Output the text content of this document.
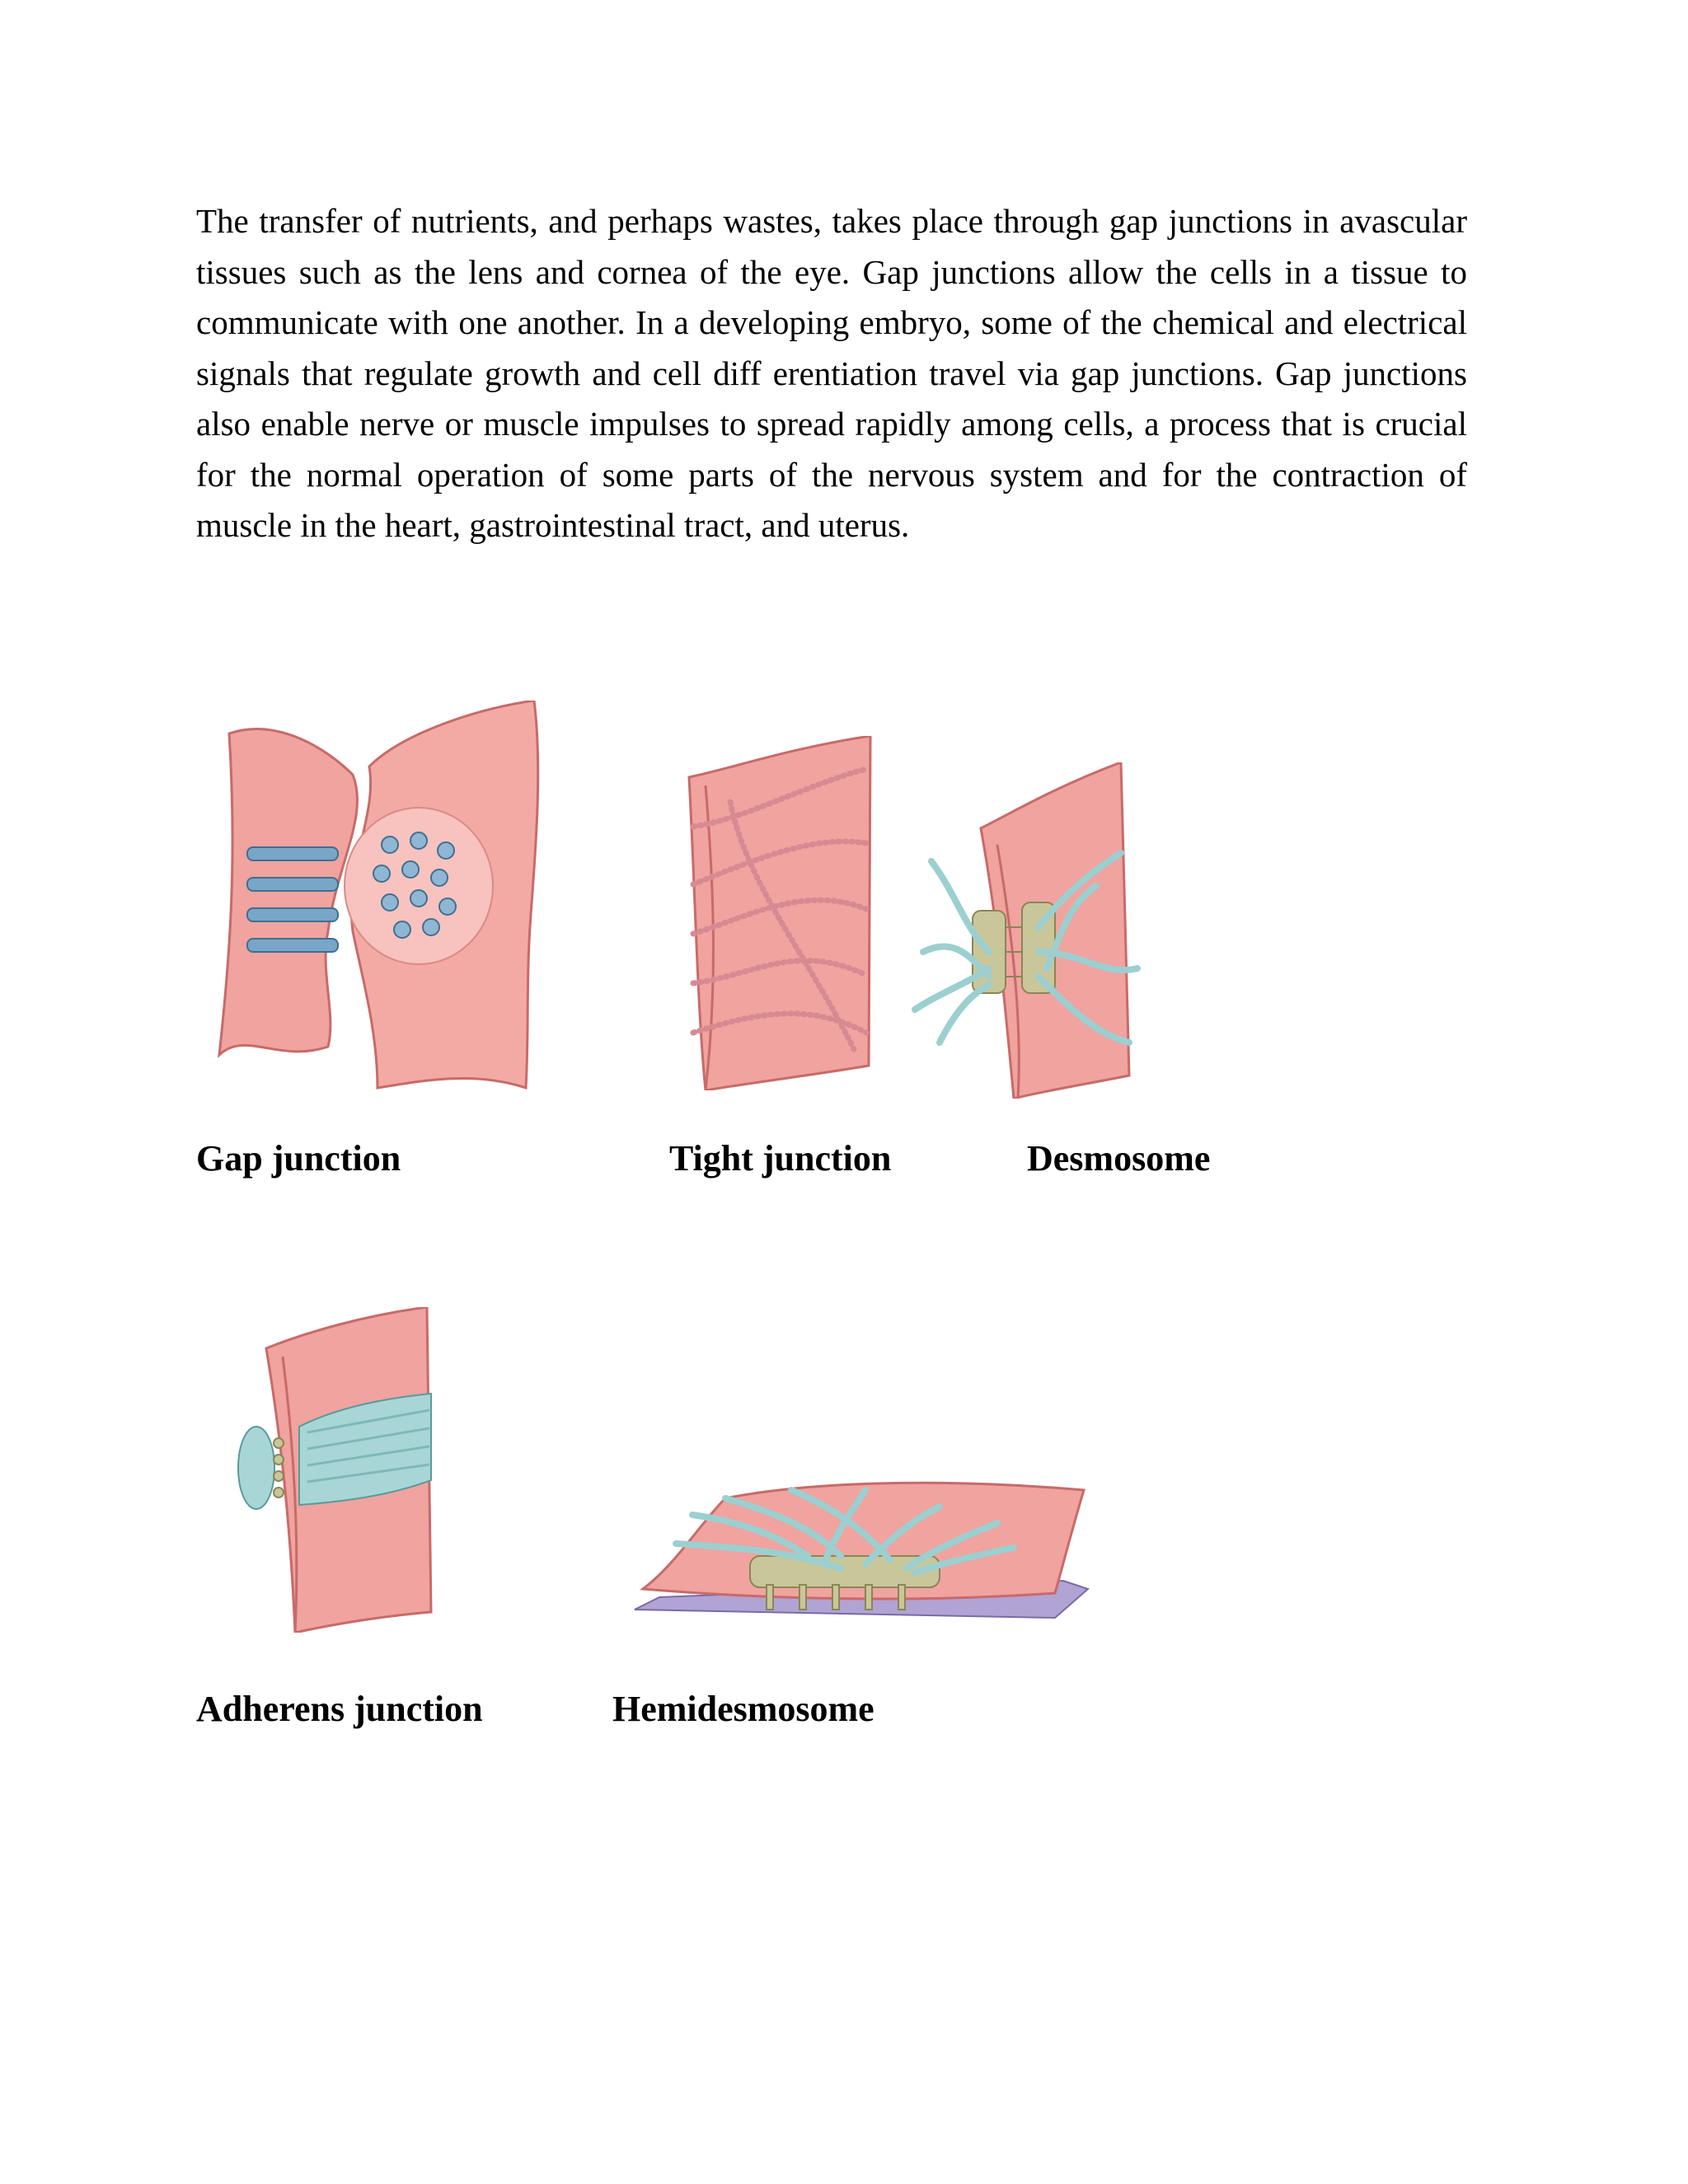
The transfer of nutrients, and perhaps wastes, takes place through gap junctions in avascular tissues such as the lens and cornea of the eye. Gap junctions allow the cells in a tissue to communicate with one another. In a developing embryo, some of the chemical and electrical signals that regulate growth and cell diff erentiation travel via gap junctions. Gap junctions also enable nerve or muscle impulses to spread rapidly among cells, a process that is crucial for the normal operation of some parts of the nervous system and for the contraction of muscle in the heart, gastrointestinal tract, and uterus.

Gap junction	Tight junction	Desmosome
Adherens junction	Hemidesmosome
